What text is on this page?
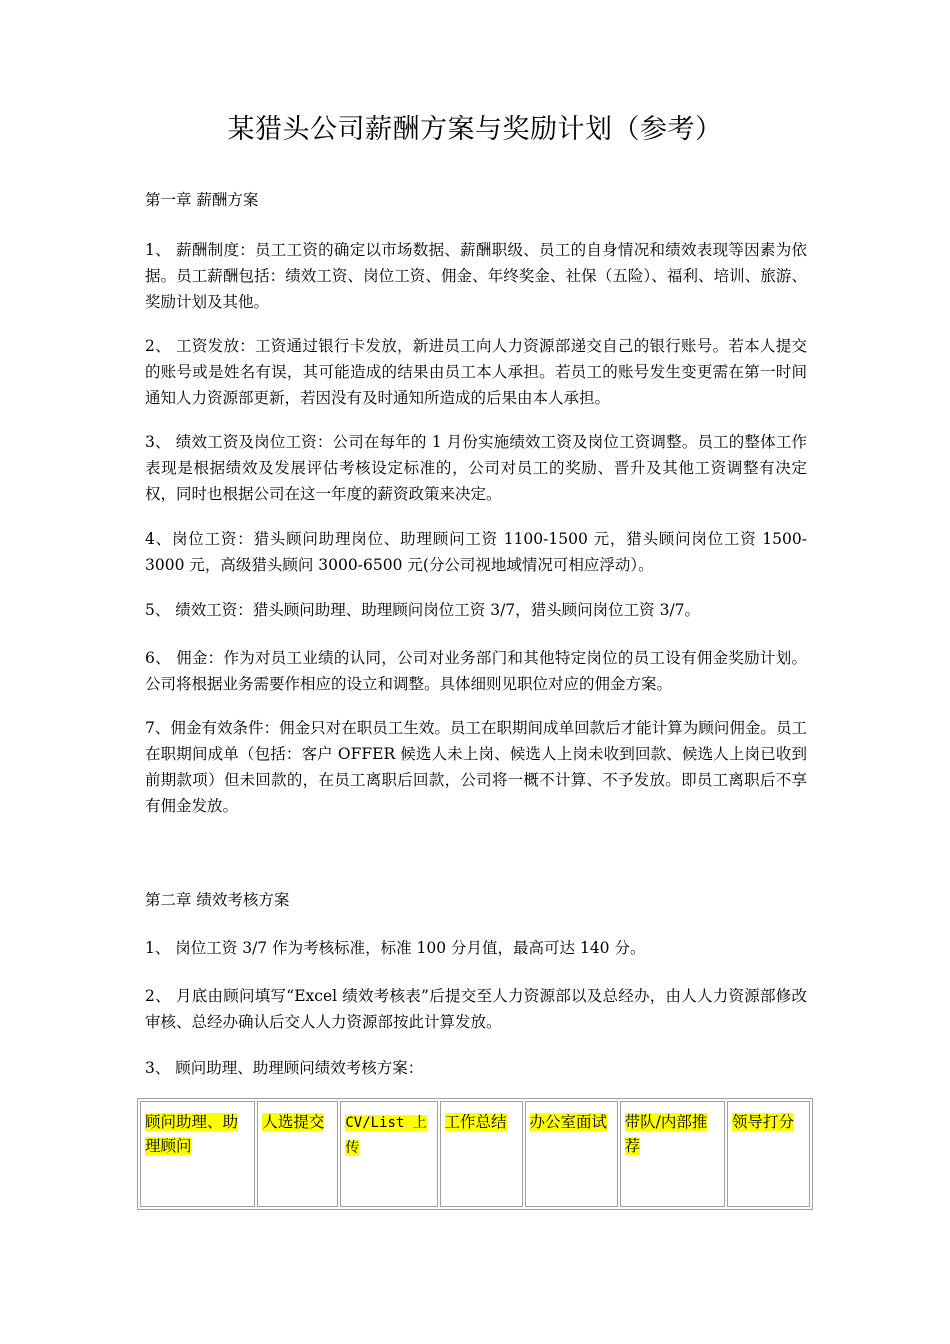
某猎头公司薪酬方案与奖励计划（参考）

第一章 薪酬方案

1、 薪酬制度：员工工资的确定以市场数据、薪酬职级、员工的自身情况和绩效表现等因素为依据。员工薪酬包括：绩效工资、岗位工资、佣金、年终奖金、社保（五险）、福利、培训、旅游、奖励计划及其他。

2、 工资发放：工资通过银行卡发放，新进员工向人力资源部递交自己的银行账号。若本人提交的账号或是姓名有误，其可能造成的结果由员工本人承担。若员工的账号发生变更需在第一时间通知人力资源部更新，若因没有及时通知所造成的后果由本人承担。

3、 绩效工资及岗位工资：公司在每年的 1 月份实施绩效工资及岗位工资调整。员工的整体工作表现是根据绩效及发展评估考核设定标准的，公司对员工的奖励、晋升及其他工资调整有决定权，同时也根据公司在这一年度的薪资政策来决定。

4、岗位工资：猎头顾问助理岗位、助理顾问工资 1100-1500 元，猎头顾问岗位工资 1500-3000 元，高级猎头顾问 3000-6500 元(分公司视地域情况可相应浮动）。

5、 绩效工资：猎头顾问助理、助理顾问岗位工资 3/7，猎头顾问岗位工资 3/7。

6、 佣金：作为对员工业绩的认同，公司对业务部门和其他特定岗位的员工设有佣金奖励计划。公司将根据业务需要作相应的设立和调整。具体细则见职位对应的佣金方案。

7、佣金有效条件：佣金只对在职员工生效。员工在职期间成单回款后才能计算为顾问佣金。员工在职期间成单（包括：客户 OFFER 候选人未上岗、候选人上岗未收到回款、候选人上岗已收到前期款项）但未回款的，在员工离职后回款，公司将一概不计算、不予发放。即员工离职后不享有佣金发放。

第二章 绩效考核方案

1、 岗位工资 3/7 作为考核标准，标准 100 分月值，最高可达 140 分。

2、 月底由顾问填写“Excel 绩效考核表”后提交至人力资源部以及总经办，由人人力资源部修改审核、总经办确认后交人人力资源部按此计算发放。

3、 顾问助理、助理顾问绩效考核方案：

顾问助理、助理顾问	人选提交	CV/List 上传	工作总结	办公室面试	带队/内部推荐	领导打分
